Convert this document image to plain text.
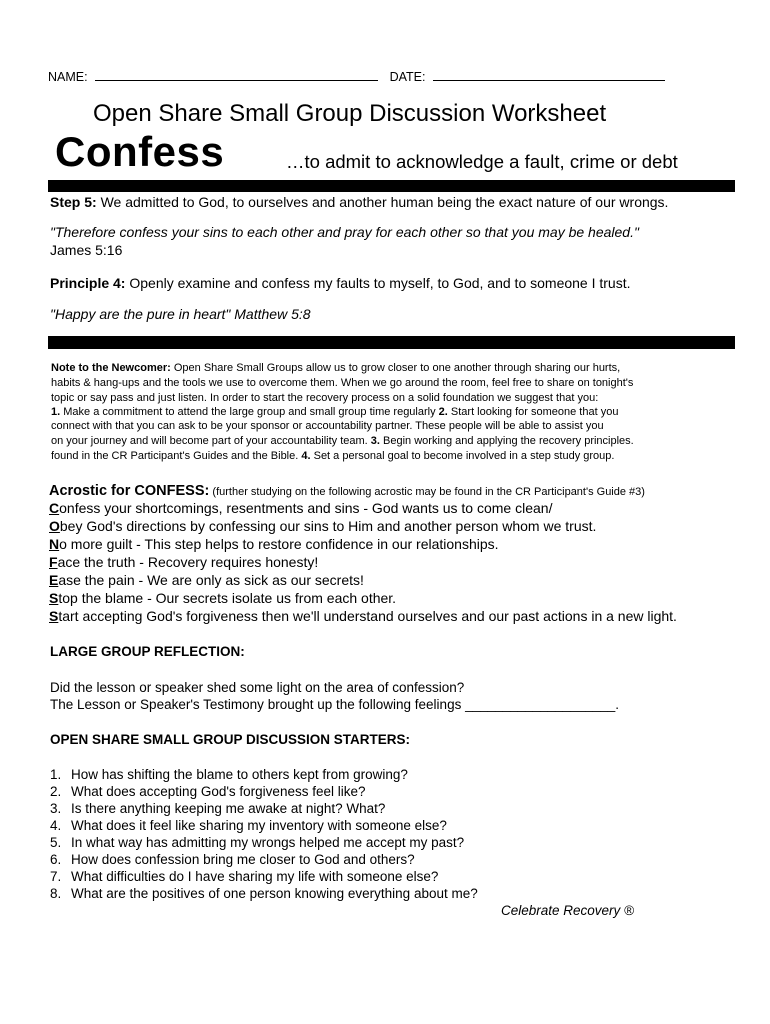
NAME:	DATE:
Open Share Small Group Discussion Worksheet
Confess	…to admit to acknowledge a fault, crime or debt
Step 5: We admitted to God, to ourselves and another human being the exact nature of our wrongs.
"Therefore confess your sins to each other and pray for each other so that you may be healed."
James 5:16
Principle 4: Openly examine and confess my faults to myself, to God, and to someone I trust.
"Happy are the pure in heart" Matthew 5:8
Note to the Newcomer: Open Share Small Groups allow us to grow closer to one another through sharing our hurts,
habits & hang-ups and the tools we use to overcome them. When we go around the room, feel free to share on tonight's
topic or say pass and just listen. In order to start the recovery process on a solid foundation we suggest that you:
1. Make a commitment to attend the large group and small group time regularly 2. Start looking for someone that you
connect with that you can ask to be your sponsor or accountability partner. These people will be able to assist you
on your journey and will become part of your accountability team. 3. Begin working and applying the recovery principles.
found in the CR Participant's Guides and the Bible. 4. Set a personal goal to become involved in a step study group.
Acrostic for CONFESS: (further studying on the following acrostic may be found in the CR Participant's Guide #3)
Confess your shortcomings, resentments and sins - God wants us to come clean/
Obey God's directions by confessing our sins to Him and another person whom we trust.
No more guilt - This step helps to restore confidence in our relationships.
Face the truth - Recovery requires honesty!
Ease the pain - We are only as sick as our secrets!
Stop the blame - Our secrets isolate us from each other.
Start accepting God's forgiveness then we'll understand ourselves and our past actions in a new light.
LARGE GROUP REFLECTION:
Did the lesson or speaker shed some light on the area of confession?
The Lesson or Speaker's Testimony brought up the following feelings ____________________.
OPEN SHARE SMALL GROUP DISCUSSION STARTERS:
1. How has shifting the blame to others kept from growing?
2. What does accepting God's forgiveness feel like?
3. Is there anything keeping me awake at night? What?
4. What does it feel like sharing my inventory with someone else?
5. In what way has admitting my wrongs helped me accept my past?
6. How does confession bring me closer to God and others?
7. What difficulties do I have sharing my life with someone else?
8. What are the positives of one person knowing everything about me?
Celebrate Recovery ®
